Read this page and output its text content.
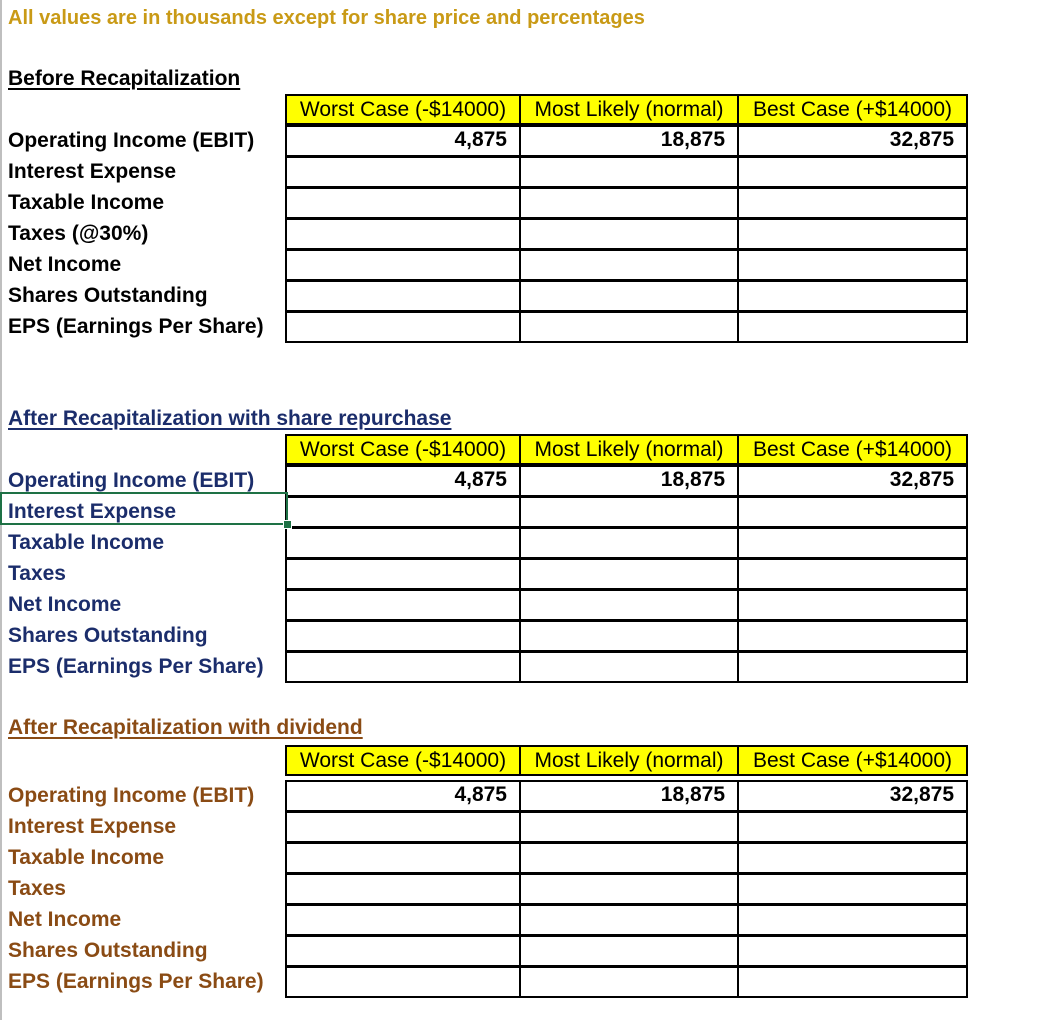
All values are in thousands except for share price and percentages
Before Recapitalization
Worst Case (-$14000)	Most Likely (normal)	Best Case (+$14000)
Operating Income (EBIT)	4,875	18,875	32,875
Interest Expense
Taxable Income
Taxes (@30%)
Net Income
Shares Outstanding
EPS (Earnings Per Share)
After Recapitalization with share repurchase
Worst Case (-$14000)	Most Likely (normal)	Best Case (+$14000)
Operating Income (EBIT)	4,875	18,875	32,875
Interest Expense
Taxable Income
Taxes
Net Income
Shares Outstanding
EPS (Earnings Per Share)
After Recapitalization with dividend
Worst Case (-$14000)	Most Likely (normal)	Best Case (+$14000)
Operating Income (EBIT)	4,875	18,875	32,875
Interest Expense
Taxable Income
Taxes
Net Income
Shares Outstanding
EPS (Earnings Per Share)
